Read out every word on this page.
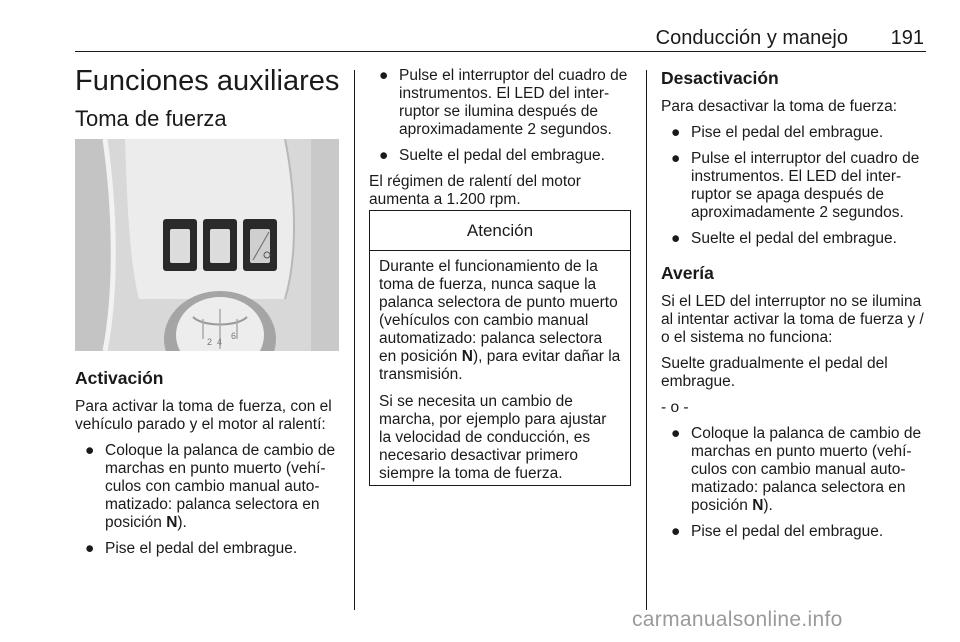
Conducción y manejo	191
Funciones auxiliares
Toma de fuerza
2 4
6
Activación

Para activar la toma de fuerza, con el vehículo parado y el motor al ralentí:

● Coloque la palanca de cambio de marchas en punto muerto (vehí-culos con cambio manual auto-matizado: palanca selectora en posición N).
● Pise el pedal del embrague.
● Pulse el interruptor del cuadro de instrumentos. El LED del inter-ruptor se ilumina después de aproximadamente 2 segundos.
● Suelte el pedal del embrague.

El régimen de ralentí del motor aumenta a 1.200 rpm.

Atención

Durante el funcionamiento de la toma de fuerza, nunca saque la palanca selectora de punto muerto (vehículos con cambio manual automatizado: palanca selectora en posición N), para evitar dañar la transmisión.

Si se necesita un cambio de marcha, por ejemplo para ajustar la velocidad de conducción, es necesario desactivar primero siempre la toma de fuerza.

Desactivación

Para desactivar la toma de fuerza:

● Pise el pedal del embrague.
● Pulse el interruptor del cuadro de instrumentos. El LED del inter-ruptor se apaga después de aproximadamente 2 segundos.
● Suelte el pedal del embrague.
Avería

Si el LED del interruptor no se ilumina al intentar activar la toma de fuerza y / o el sistema no funciona:

Suelte gradualmente el pedal del embrague.

- o -

● Coloque la palanca de cambio de marchas en punto muerto (vehí-culos con cambio manual auto-matizado: palanca selectora en posición N).
● Pise el pedal del embrague.
carmanualsonline.info
